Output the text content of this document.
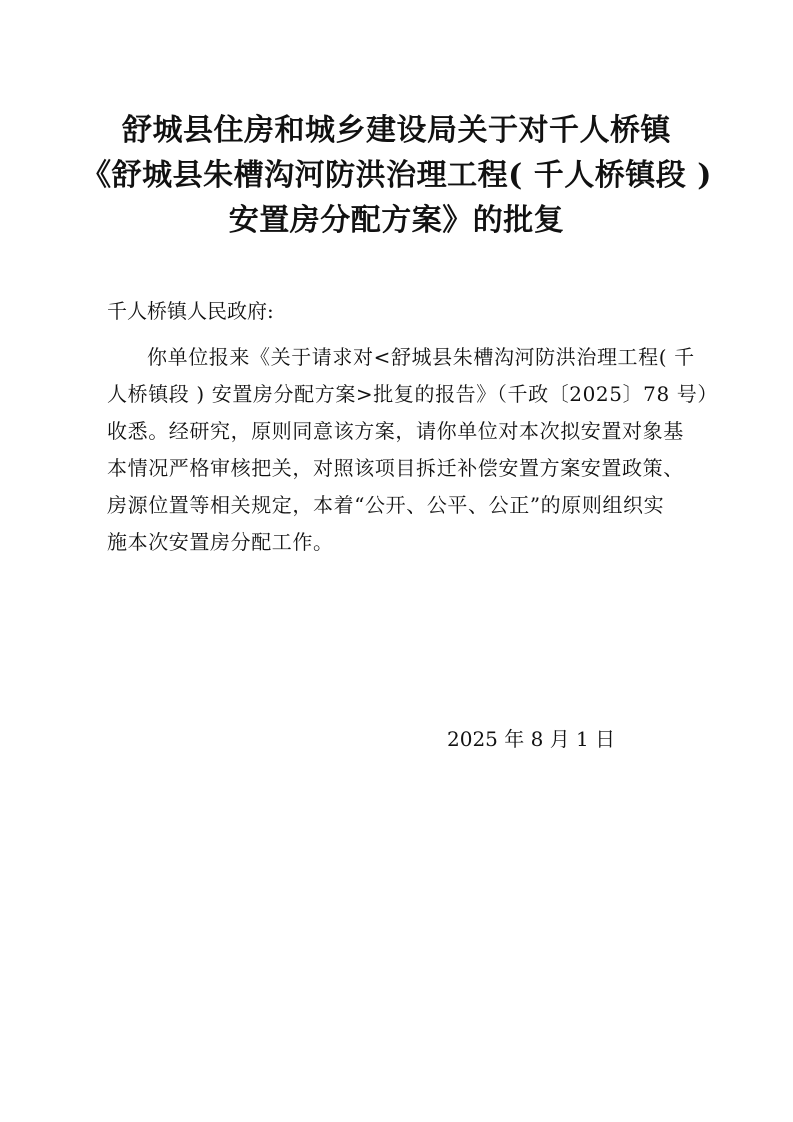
舒城县住房和城乡建设局关于对千人桥镇
《舒城县朱槽沟河防洪治理工程( 千人桥镇段 )
安置房分配方案》的批复
千人桥镇人民政府:
你单位报来《关于请求对<舒城县朱槽沟河防洪治理工程( 千
人桥镇段 ) 安置房分配方案>批复的报告》（千政〔2025〕78 号）
收悉。经研究，原则同意该方案，请你单位对本次拟安置对象基
本情况严格审核把关，对照该项目拆迁补偿安置方案安置政策、
房源位置等相关规定，本着“公开、公平、公正”的原则组织实
施本次安置房分配工作。
2025 年 8 月 1 日
